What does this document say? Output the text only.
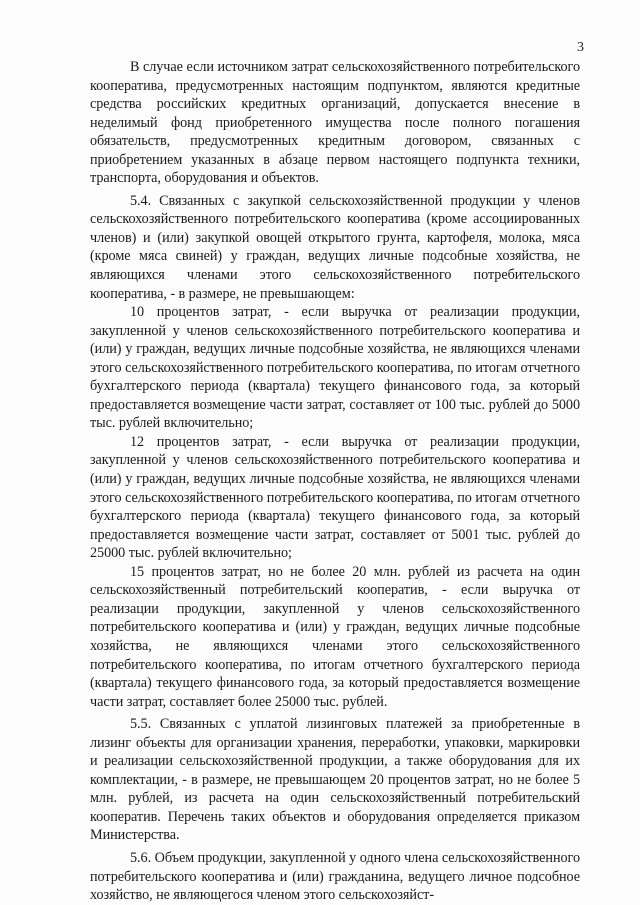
3

В случае если источником затрат сельскохозяйственного потребительского кооператива, предусмотренных настоящим подпунктом, являются кредитные средства российских кредитных организаций, допускается внесение в неделимый фонд приобретенного имущества после полного погашения обязательств, предусмотренных кредитным договором, связанных с приобретением указанных в абзаце первом настоящего подпункта техники, транспорта, оборудования и объектов.

5.4. Связанных с закупкой сельскохозяйственной продукции у членов сельскохозяйственного потребительского кооператива (кроме ассоциированных членов) и (или) закупкой овощей открытого грунта, картофеля, молока, мяса (кроме мяса свиней) у граждан, ведущих личные подсобные хозяйства, не являющихся членами этого сельскохозяйственного потребительского кооператива, - в размере, не превышающем:

10 процентов затрат, - если выручка от реализации продукции, закупленной у членов сельскохозяйственного потребительского кооператива и (или) у граждан, ведущих личные подсобные хозяйства, не являющихся членами этого сельскохозяйственного потребительского кооператива, по итогам отчетного бухгалтерского периода (квартала) текущего финансового года, за который предоставляется возмещение части затрат, составляет от 100 тыс. рублей до 5000 тыс. рублей включительно;

12 процентов затрат, - если выручка от реализации продукции, закупленной у членов сельскохозяйственного потребительского кооператива и (или) у граждан, ведущих личные подсобные хозяйства, не являющихся членами этого сельскохозяйственного потребительского кооператива, по итогам отчетного бухгалтерского периода (квартала) текущего финансового года, за который предоставляется возмещение части затрат, составляет от 5001 тыс. рублей до 25000 тыс. рублей включительно;

15 процентов затрат, но не более 20 млн. рублей из расчета на один сельскохозяйственный потребительский кооператив, - если выручка от реализации продукции, закупленной у членов сельскохозяйственного потребительского кооператива и (или) у граждан, ведущих личные подсобные хозяйства, не являющихся членами этого сельскохозяйственного потребительского кооператива, по итогам отчетного бухгалтерского периода (квартала) текущего финансового года, за который предоставляется возмещение части затрат, составляет более 25000 тыс. рублей.

5.5. Связанных с уплатой лизинговых платежей за приобретенные в лизинг объекты для организации хранения, переработки, упаковки, маркировки и реализации сельскохозяйственной продукции, а также оборудования для их комплектации, - в размере, не превышающем 20 процентов затрат, но не более 5 млн. рублей, из расчета на один сельскохозяйственный потребительский кооператив. Перечень таких объектов и оборудования определяется приказом Министерства.

5.6. Объем продукции, закупленной у одного члена сельскохозяйственного потребительского кооператива и (или) гражданина, ведущего личное подсобное хозяйство, не являющегося членом этого сельскохозяйст-
